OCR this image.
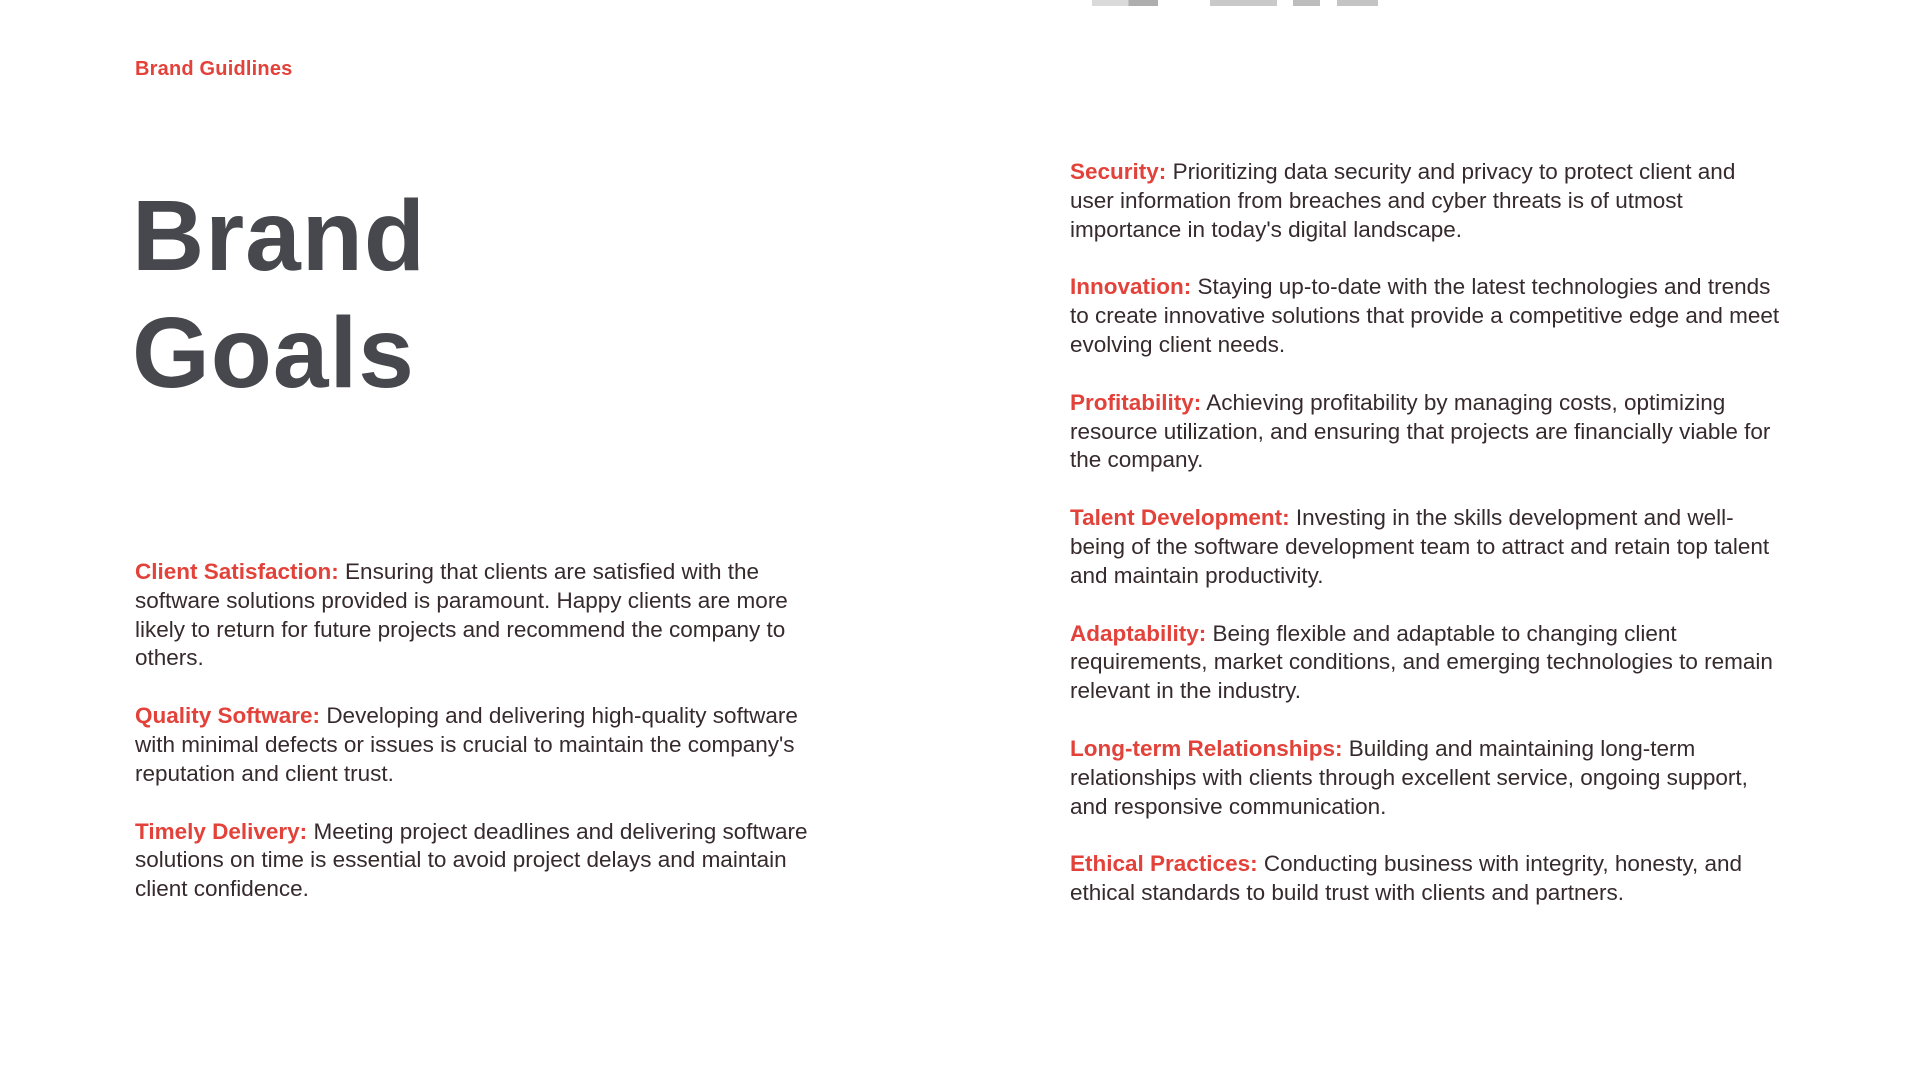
Brand Guidlines
Brand
Goals

Client Satisfaction: Ensuring that clients are satisfied with the software solutions provided is paramount. Happy clients are more likely to return for future projects and recommend the company to others.

Quality Software: Developing and delivering high-quality software with minimal defects or issues is crucial to maintain the company's reputation and client trust.

Timely Delivery: Meeting project deadlines and delivering software solutions on time is essential to avoid project delays and maintain client confidence.

Security: Prioritizing data security and privacy to protect client and user information from breaches and cyber threats is of utmost importance in today's digital landscape.

Innovation: Staying up-to-date with the latest technologies and trends to create innovative solutions that provide a competitive edge and meet evolving client needs.

Profitability: Achieving profitability by managing costs, optimizing resource utilization, and ensuring that projects are financially viable for the company.

Talent Development: Investing in the skills development and well-being of the software development team to attract and retain top talent and maintain productivity.

Adaptability: Being flexible and adaptable to changing client requirements, market conditions, and emerging technologies to remain relevant in the industry.

Long-term Relationships: Building and maintaining long-term relationships with clients through excellent service, ongoing support, and responsive communication.

Ethical Practices: Conducting business with integrity, honesty, and ethical standards to build trust with clients and partners.
